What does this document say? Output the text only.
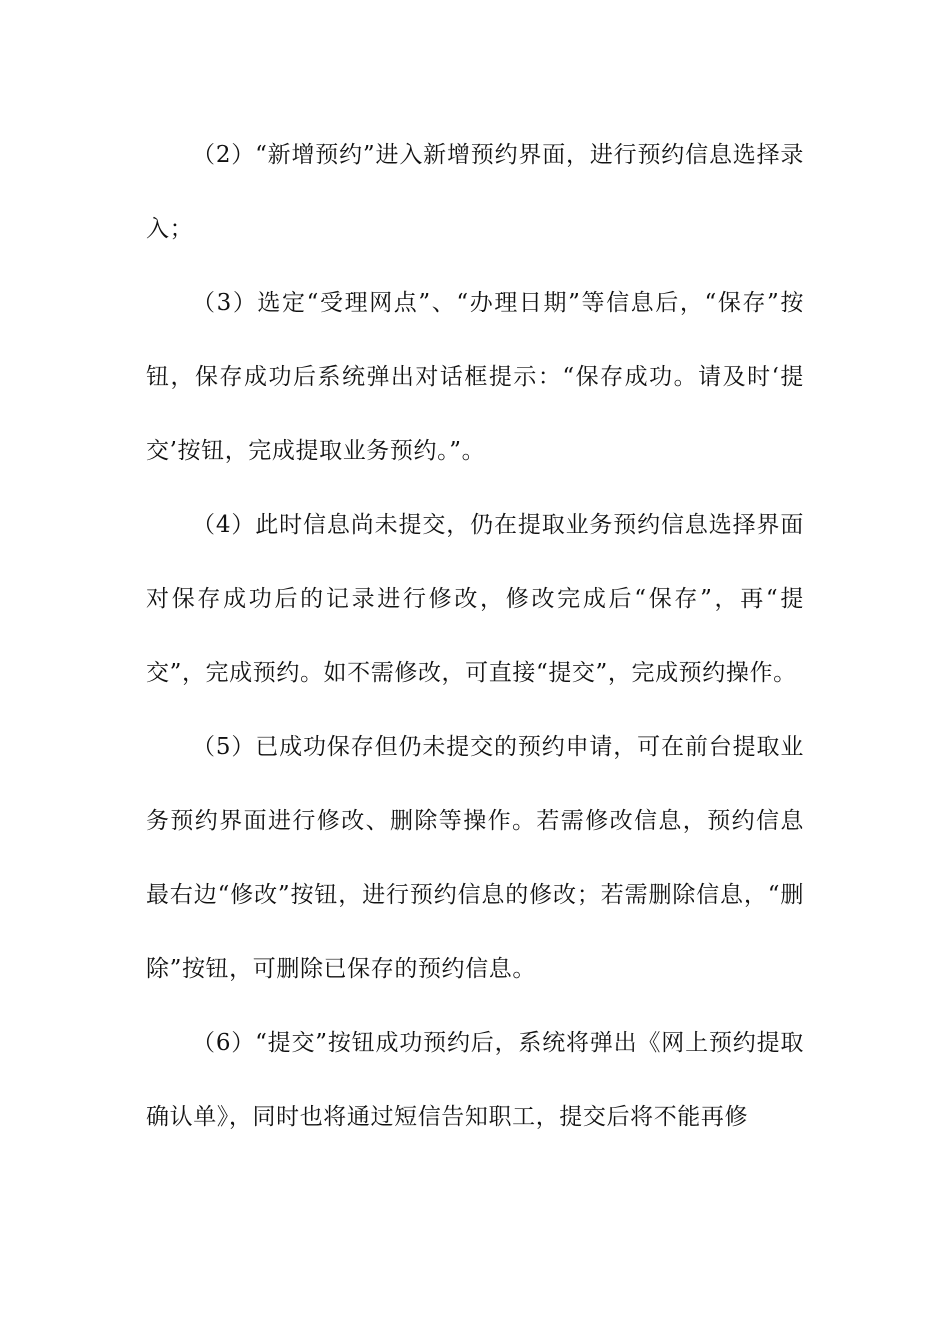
（2）“新增预约”进入新增预约界面，进行预约信息选择录入；

（3）选定“受理网点”、“办理日期”等信息后，“保存”按钮，保存成功后系统弹出对话框提示：“保存成功。请及时‘提交’按钮，完成提取业务预约。”。

（4）此时信息尚未提交，仍在提取业务预约信息选择界面对保存成功后的记录进行修改，修改完成后“保存”，再“提交”，完成预约。如不需修改，可直接“提交”，完成预约操作。

（5）已成功保存但仍未提交的预约申请，可在前台提取业务预约界面进行修改、删除等操作。若需修改信息，预约信息最右边“修改”按钮，进行预约信息的修改；若需删除信息，“删除”按钮，可删除已保存的预约信息。

（6）“提交”按钮成功预约后，系统将弹出《网上预约提取确认单》，同时也将通过短信告知职工，提交后将不能再修
